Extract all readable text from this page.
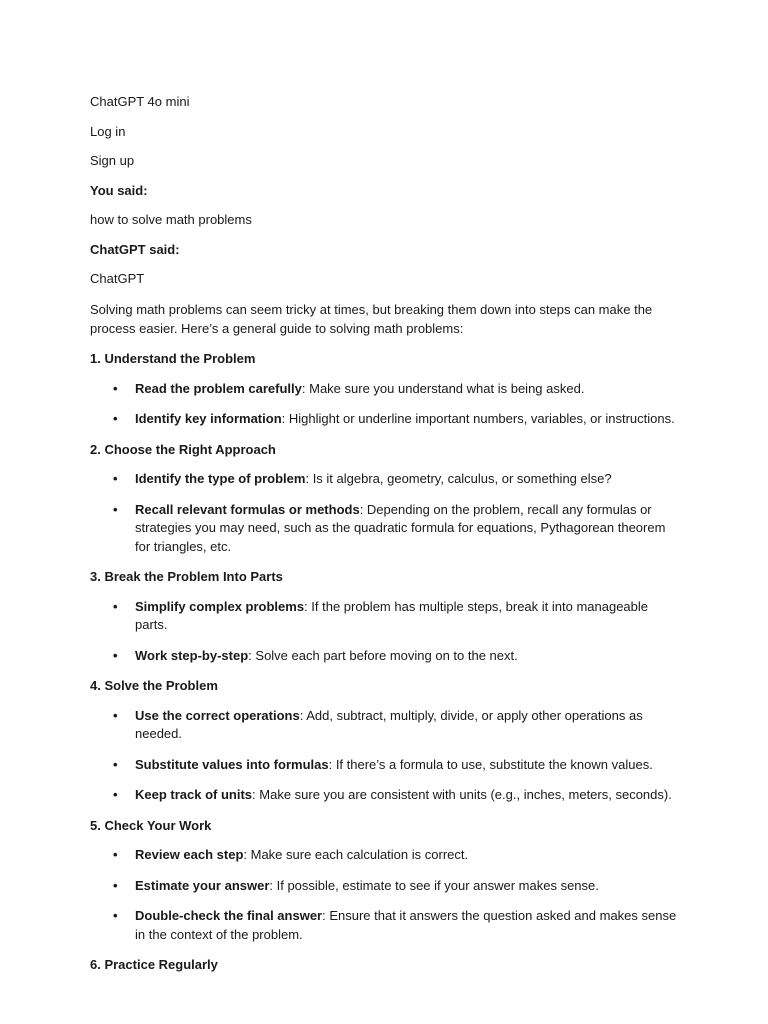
ChatGPT 4o mini
Log in
Sign up
You said:
how to solve math problems
ChatGPT said:
ChatGPT
Solving math problems can seem tricky at times, but breaking them down into steps can make the process easier. Here’s a general guide to solving math problems:
1. Understand the Problem
• Read the problem carefully: Make sure you understand what is being asked.
• Identify key information: Highlight or underline important numbers, variables, or instructions.
2. Choose the Right Approach
• Identify the type of problem: Is it algebra, geometry, calculus, or something else?
• Recall relevant formulas or methods: Depending on the problem, recall any formulas or strategies you may need, such as the quadratic formula for equations, Pythagorean theorem for triangles, etc.
3. Break the Problem Into Parts
• Simplify complex problems: If the problem has multiple steps, break it into manageable parts.
• Work step-by-step: Solve each part before moving on to the next.
4. Solve the Problem
• Use the correct operations: Add, subtract, multiply, divide, or apply other operations as needed.
• Substitute values into formulas: If there’s a formula to use, substitute the known values.
• Keep track of units: Make sure you are consistent with units (e.g., inches, meters, seconds).
5. Check Your Work
• Review each step: Make sure each calculation is correct.
• Estimate your answer: If possible, estimate to see if your answer makes sense.
• Double-check the final answer: Ensure that it answers the question asked and makes sense in the context of the problem.
6. Practice Regularly
